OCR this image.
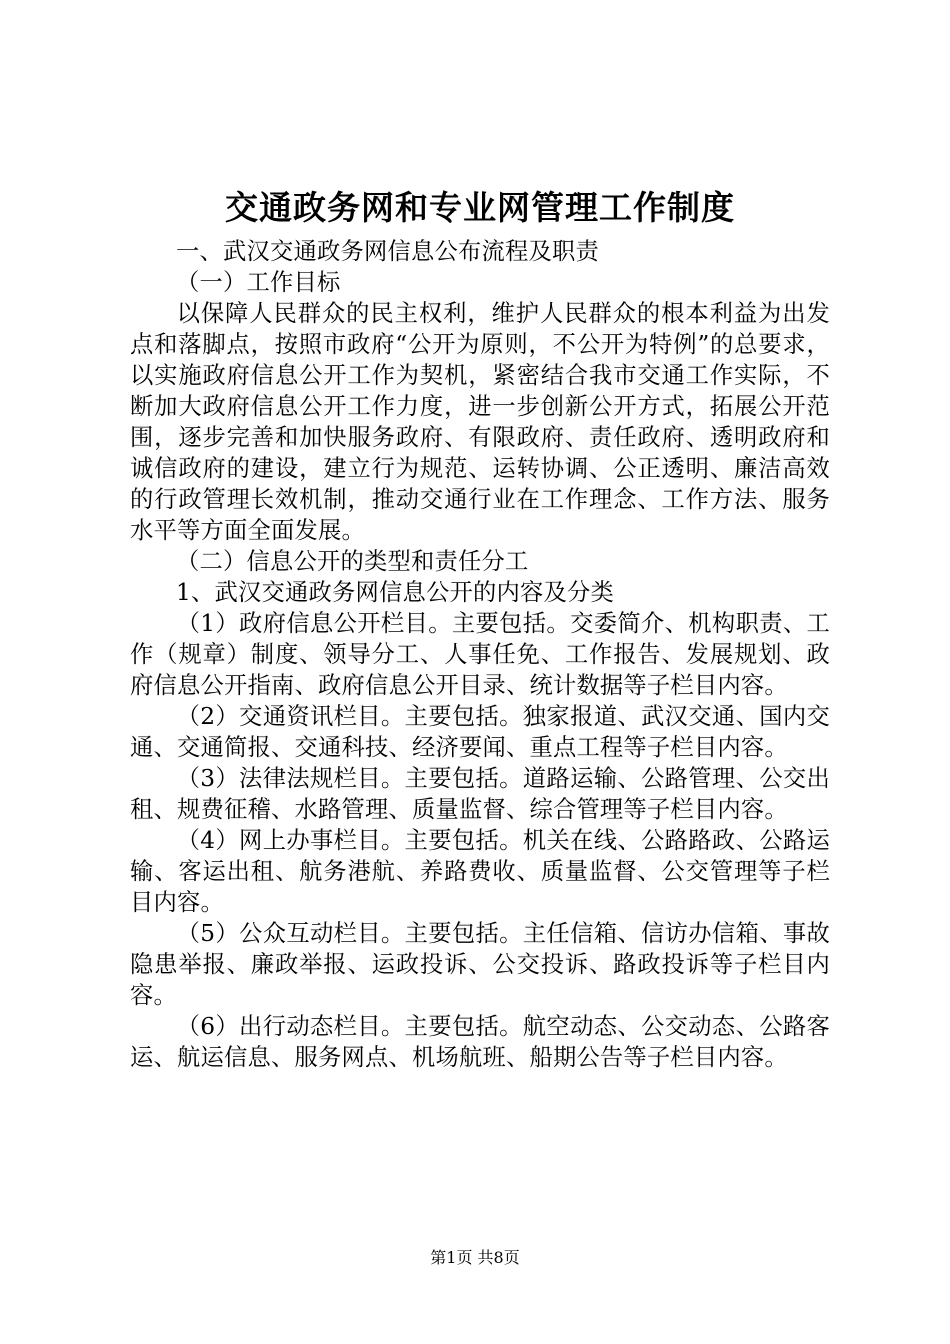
交通政务网和专业网管理工作制度

一、武汉交通政务网信息公布流程及职责

（一）工作目标

以保障人民群众的民主权利，维护人民群众的根本利益为出发点和落脚点，按照市政府“公开为原则，不公开为特例”的总要求，以实施政府信息公开工作为契机，紧密结合我市交通工作实际，不断加大政府信息公开工作力度，进一步创新公开方式，拓展公开范围，逐步完善和加快服务政府、有限政府、责任政府、透明政府和诚信政府的建设，建立行为规范、运转协调、公正透明、廉洁高效的行政管理长效机制，推动交通行业在工作理念、工作方法、服务水平等方面全面发展。

（二）信息公开的类型和责任分工

1、武汉交通政务网信息公开的内容及分类

（1）政府信息公开栏目。主要包括。交委简介、机构职责、工作（规章）制度、领导分工、人事任免、工作报告、发展规划、政府信息公开指南、政府信息公开目录、统计数据等子栏目内容。

（2）交通资讯栏目。主要包括。独家报道、武汉交通、国内交通、交通简报、交通科技、经济要闻、重点工程等子栏目内容。

（3）法律法规栏目。主要包括。道路运输、公路管理、公交出租、规费征稽、水路管理、质量监督、综合管理等子栏目内容。

（4）网上办事栏目。主要包括。机关在线、公路路政、公路运输、客运出租、航务港航、养路费收、质量监督、公交管理等子栏目内容。

（5）公众互动栏目。主要包括。主任信箱、信访办信箱、事故隐患举报、廉政举报、运政投诉、公交投诉、路政投诉等子栏目内容。

（6）出行动态栏目。主要包括。航空动态、公交动态、公路客运、航运信息、服务网点、机场航班、船期公告等子栏目内容。

第1页 共8页
